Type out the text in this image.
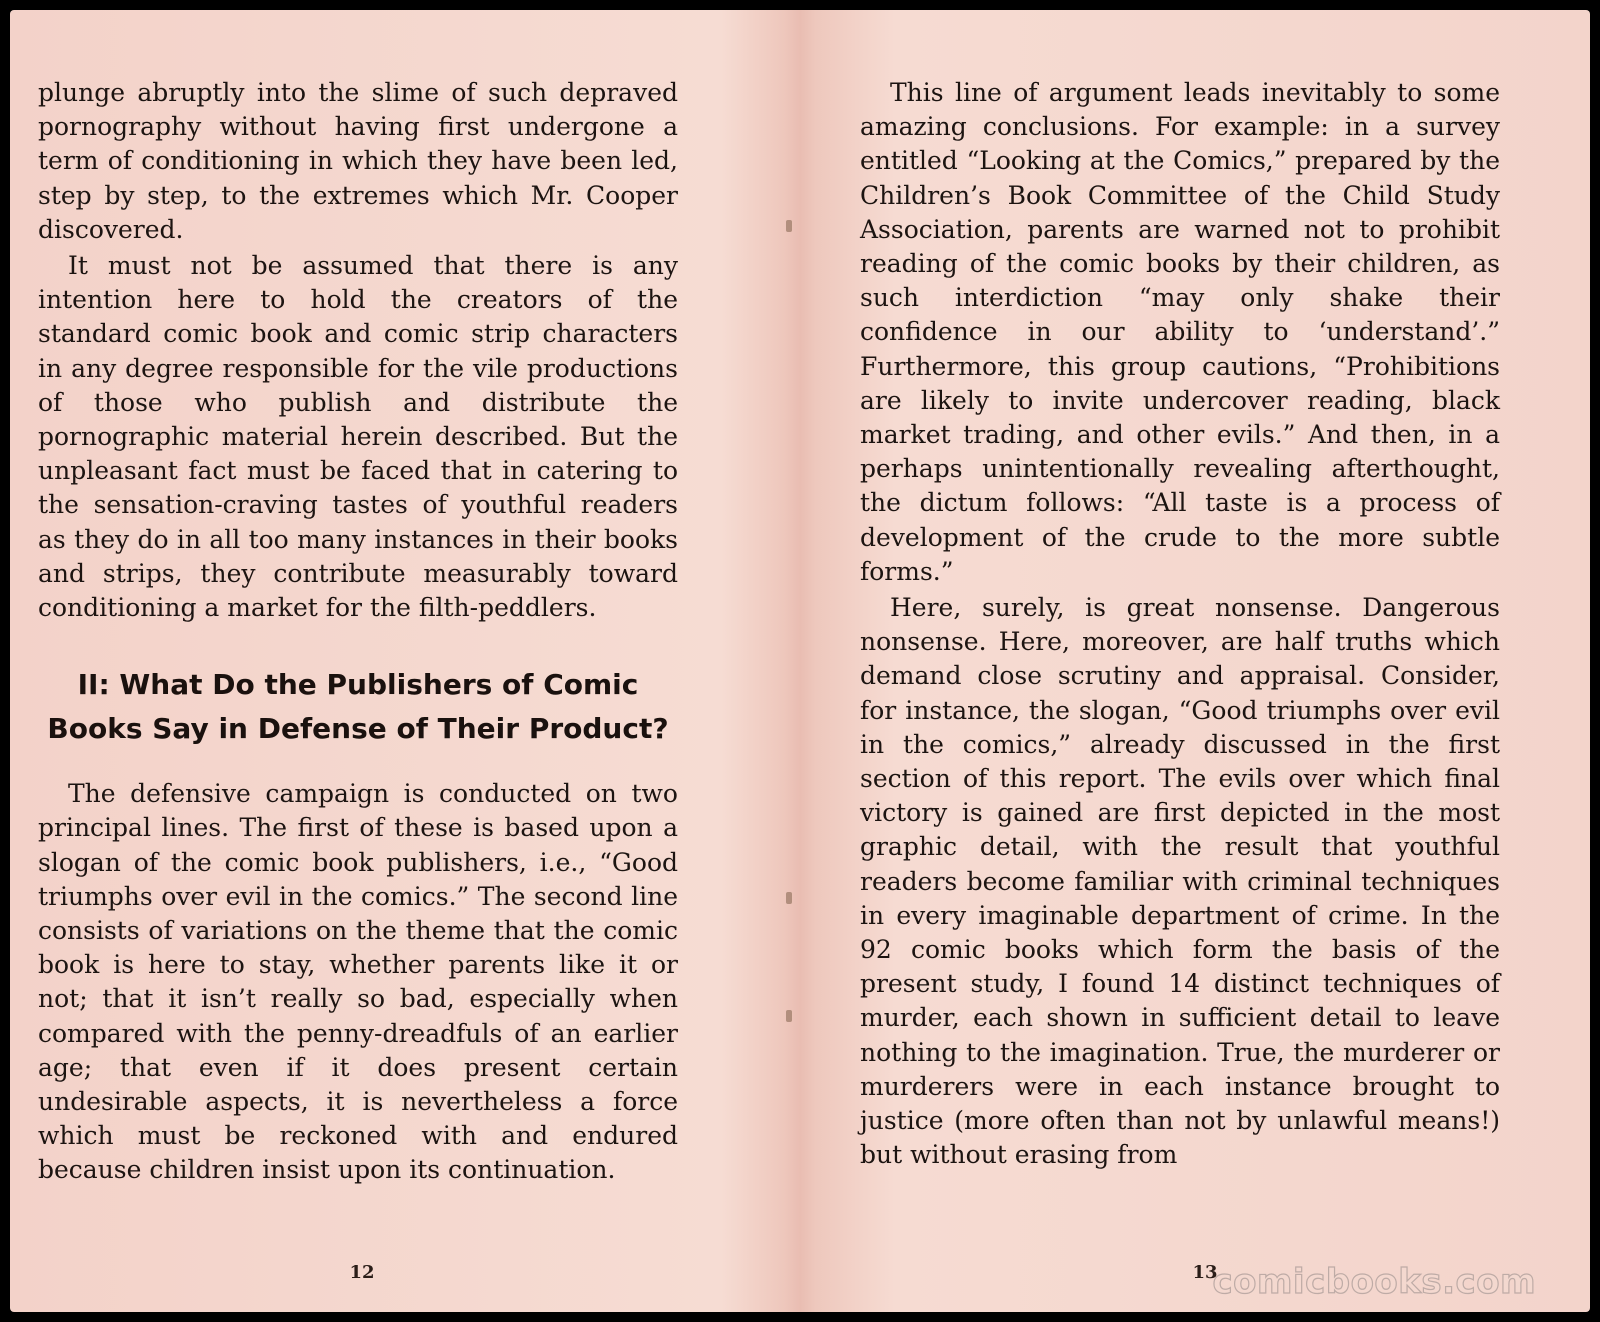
plunge abruptly into the slime of such depraved pornography without having first undergone a term of conditioning in which they have been led, step by step, to the extremes which Mr. Cooper discovered.

It must not be assumed that there is any intention here to hold the creators of the standard comic book and comic strip characters in any degree responsible for the vile productions of those who publish and distribute the pornographic material herein described. But the unpleasant fact must be faced that in catering to the sensation-craving tastes of youthful readers as they do in all too many instances in their books and strips, they contribute measurably toward conditioning a market for the filth-peddlers.

II: What Do the Publishers of Comic Books Say in Defense of Their Product?

The defensive campaign is conducted on two principal lines. The first of these is based upon a slogan of the comic book publishers, i.e., “Good triumphs over evil in the comics.” The second line consists of variations on the theme that the comic book is here to stay, whether parents like it or not; that it isn’t really so bad, especially when compared with the penny-dreadfuls of an earlier age; that even if it does present certain undesirable aspects, it is nevertheless a force which must be reckoned with and endured because children insist upon its continuation.

This line of argument leads inevitably to some amazing conclusions. For example: in a survey entitled “Looking at the Comics,” prepared by the Children’s Book Committee of the Child Study Association, parents are warned not to prohibit reading of the comic books by their children, as such interdiction “may only shake their confidence in our ability to ‘understand’.” Furthermore, this group cautions, “Prohibitions are likely to invite undercover reading, black market trading, and other evils.” And then, in a perhaps unintentionally revealing afterthought, the dictum follows: “All taste is a process of development of the crude to the more subtle forms.”

Here, surely, is great nonsense. Dangerous nonsense. Here, moreover, are half truths which demand close scrutiny and appraisal. Consider, for instance, the slogan, “Good triumphs over evil in the comics,” already discussed in the first section of this report. The evils over which final victory is gained are first depicted in the most graphic detail, with the result that youthful readers become familiar with criminal techniques in every imaginable department of crime. In the 92 comic books which form the basis of the present study, I found 14 distinct techniques of murder, each shown in sufficient detail to leave nothing to the imagination. True, the murderer or murderers were in each instance brought to justice (more often than not by unlawful means!) but without erasing from

12	13
comicbooks.com
